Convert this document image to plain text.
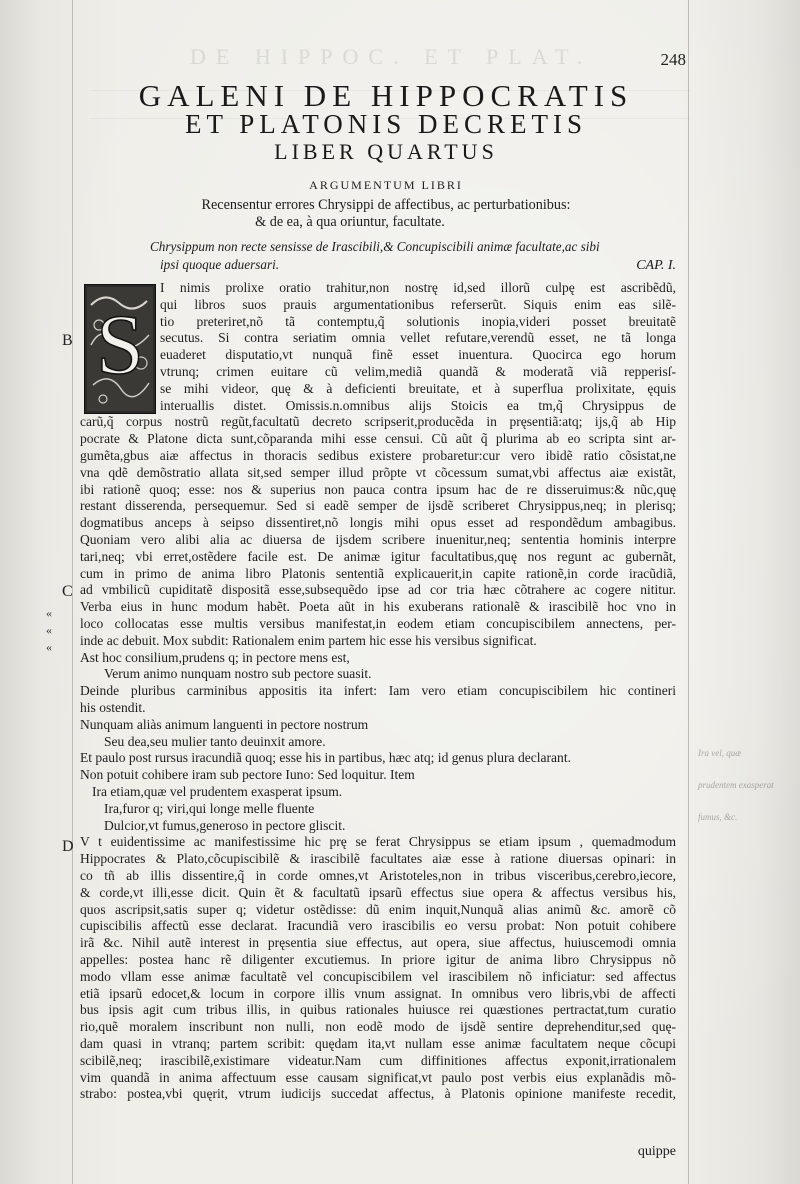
DE HIPPOC. ET PLAT.	248
GALENI DE HIPPOCRATIS
ET PLATONIS DECRETIS
LIBER QUARTUS
ARGUMENTUM LIBRI
Recensentur errores Chrysippi de affectibus, ac perturbationibus:
& de ea, à qua oriuntur, facultate.
Chrysippum non recte sensisse de Irascibili,& Concupiscibili animæ facultate,ac sibi
ipsi quoque aduersari.	CAP. I.
S
B
C
D
«
«
«
I nimis prolixe oratio trahitur,non nostrę id,sed illorũ culpę est ascribẽdũ,
qui libros suos prauis argumentationibus referserũt. Siquis enim eas silẽ-
tio preteriret,nõ tã contemptu,q̃ solutionis inopia,videri posset breuitatẽ
secutus. Si contra seriatim omnia vellet refutare,verendũ esset, ne tã longa
euaderet disputatio,vt nunquã finẽ esset inuentura. Quocirca ego horum
vtrunq; crimen euitare cũ velim,mediã quandã & moderatã viã repperisſ-
se mihi videor, quę & à deficienti breuitate, et à superflua prolixitate, ęquis
interuallis distet. Omissis.n.omnibus alijs Stoicis ea tm,q̃ Chrysippus de
carũ,q̃ corpus nostrũ regũt,facultatũ decreto scripserit,producẽda in pręsentiã:atq; ijs,q̃ ab Hip
pocrate & Platone dicta sunt,cõparanda mihi esse censui. Cũ aũt q̃ plurima ab eo scripta sint ar-
gumẽta,gbus aiæ affectus in thoracis sedibus existere probaretur:cur vero ibidẽ ratio cõsistat,ne
vna qdẽ demõstratio allata sit,sed semper illud prõpte vt cõcessum sumat,vbi affectus aiæ existãt,
ibi rationẽ quoq; esse: nos & superius non pauca contra ipsum hac de re disseruimus:& nũc,quę
restant disserenda, persequemur. Sed si eadẽ semper de ijsdẽ scriberet Chrysippus,neq; in plerisq;
dogmatibus anceps à seipso dissentiret,nõ longis mihi opus esset ad respondẽdum ambagibus.
Quoniam vero alibi alia ac diuersa de ijsdem scribere inuenitur,neq; sententia hominis interpre
tari,neq; vbi erret,ostẽdere facile est. De animæ igitur facultatibus,quę nos regunt ac gubernãt,
cum in primo de anima libro Platonis sententiã explicauerit,in capite rationẽ,in corde iracũdiã,
ad vmbilicũ cupiditatẽ dispositã esse,subsequẽdo ipse ad cor tria hæc cõtrahere ac cogere nititur.
Verba eius in hunc modum habẽt. Poeta aũt in his exuberans rationalẽ & irascibilẽ hoc vno in
loco collocatas esse multis versibus manifestat,in eodem etiam concupiscibilem annectens, per-
inde ac debuit. Mox subdit: Rationalem enim partem hic esse his versibus significat.
Ast hoc consilium,prudens q; in pectore mens est,
Verum animo nunquam nostro sub pectore suasit.
Deinde pluribus carminibus appositis ita infert: Iam vero etiam concupiscibilem hic contineri
his ostendit.
Nunquam aliàs animum languenti in pectore nostrum
Seu dea,seu mulier tanto deuinxit amore.
Et paulo post rursus iracundiã quoq; esse his in partibus, hæc atq; id genus plura declarant.
Non potuit cohibere iram sub pectore Iuno: Sed loquitur. Item
Ira etiam,quæ vel prudentem exasperat ipsum.
Ira,furor q; viri,qui longe melle fluente
Dulcior,vt fumus,generoso in pectore gliscit.
V t euidentissime ac manifestissime hic prę se ferat Chrysippus se etiam ipsum , quemadmodum
Hippocrates & Plato,cõcupiscibilẽ & irascibilẽ facultates aiæ esse à ratione diuersas opinari: in
co tñ ab illis dissentire,q̃ in corde omnes,vt Aristoteles,non in tribus visceribus,cerebro,iecore,
& corde,vt illi,esse dicit. Quin ẽt & facultatũ ipsarũ effectus siue opera & affectus versibus his,
quos ascripsit,satis super q; videtur ostẽdisse: dũ enim inquit,Nunquã alias animũ &c. amorẽ cõ
cupiscibilis affectũ esse declarat. Iracundiã vero irascibilis eo versu probat: Non potuit cohibere
irã &c. Nihil autẽ interest in pręsentia siue effectus, aut opera, siue affectus, huiuscemodi omnia
appelles: postea hanc rẽ diligenter excutiemus. In priore igitur de anima libro Chrysippus nõ
modo vllam esse animæ facultatẽ vel concupiscibilem vel irascibilem nõ inficiatur: sed affectus
etiã ipsarũ edocet,& locum in corpore illis vnum assignat. In omnibus vero libris,vbi de affecti
bus ipsis agit cum tribus illis, in quibus rationales huiusce rei quæstiones pertractat,tum curatio
rio,quẽ moralem inscribunt non nulli, non eodẽ modo de ijsdẽ sentire deprehenditur,sed quę-
dam quasi in vtranq; partem scribit: quędam ita,vt nullam esse animæ facultatem neque cõcupi
scibilẽ,neq; irascibilẽ,existimare videatur.Nam cum diffinitiones affectus exponit,irrationalem
vim quandã in anima affectuum esse causam significat,vt paulo post verbis eius explanãdis mõ-
strabo: postea,vbi quęrit, vtrum iudicijs succedat affectus, à Platonis opinione manifeste recedit,
Ira vel, quæ
prudentem exasperat
fumus, &c.
quippe
